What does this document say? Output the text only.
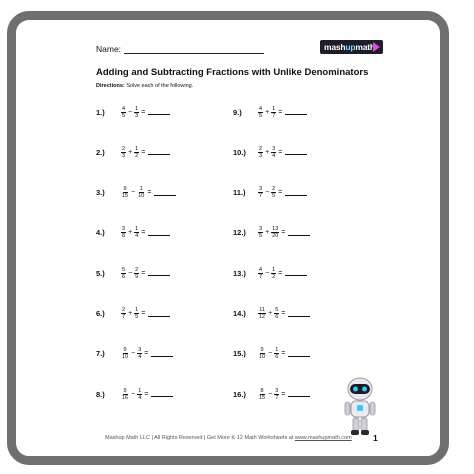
Name:	mash up math
Adding and Subtracting Fractions with Unlike Denominators
Directions: Solve each of the following.
1.)	$\frac{4}{5} - \frac{1}{3}$ =
2.)	$\frac{2}{3} + \frac{1}{2}$ =
3.)	$\frac{9}{15} - \frac{1}{10}$ =
4.)	$\frac{3}{8} + \frac{1}{4}$ =
5.)	$\frac{5}{6} - \frac{2}{9}$ =
6.)	$\frac{2}{7} + \frac{1}{5}$ =
7.)	$\frac{9}{10} - \frac{3}{4}$ =
8.)	$\frac{9}{16} - \frac{1}{4}$ =
9.)	$\frac{4}{5} + \frac{1}{7}$ =
10.)	$\frac{2}{3} + \frac{3}{4}$ =
11.)	$\frac{3}{7} - \frac{2}{5}$ =
12.)	$\frac{3}{5} + \frac{13}{20}$ =
13.)	$\frac{4}{7} - \frac{1}{2}$ =
14.)	$\frac{11}{12} + \frac{5}{6}$ =
15.)	$\frac{9}{10} - \frac{1}{6}$ =
16.)	$\frac{8}{15} - \frac{3}{7}$ =
Mashup Math LLC | All Rights Reserved | Get More K-12 Math Worksheets at www.mashupmath.com	1
